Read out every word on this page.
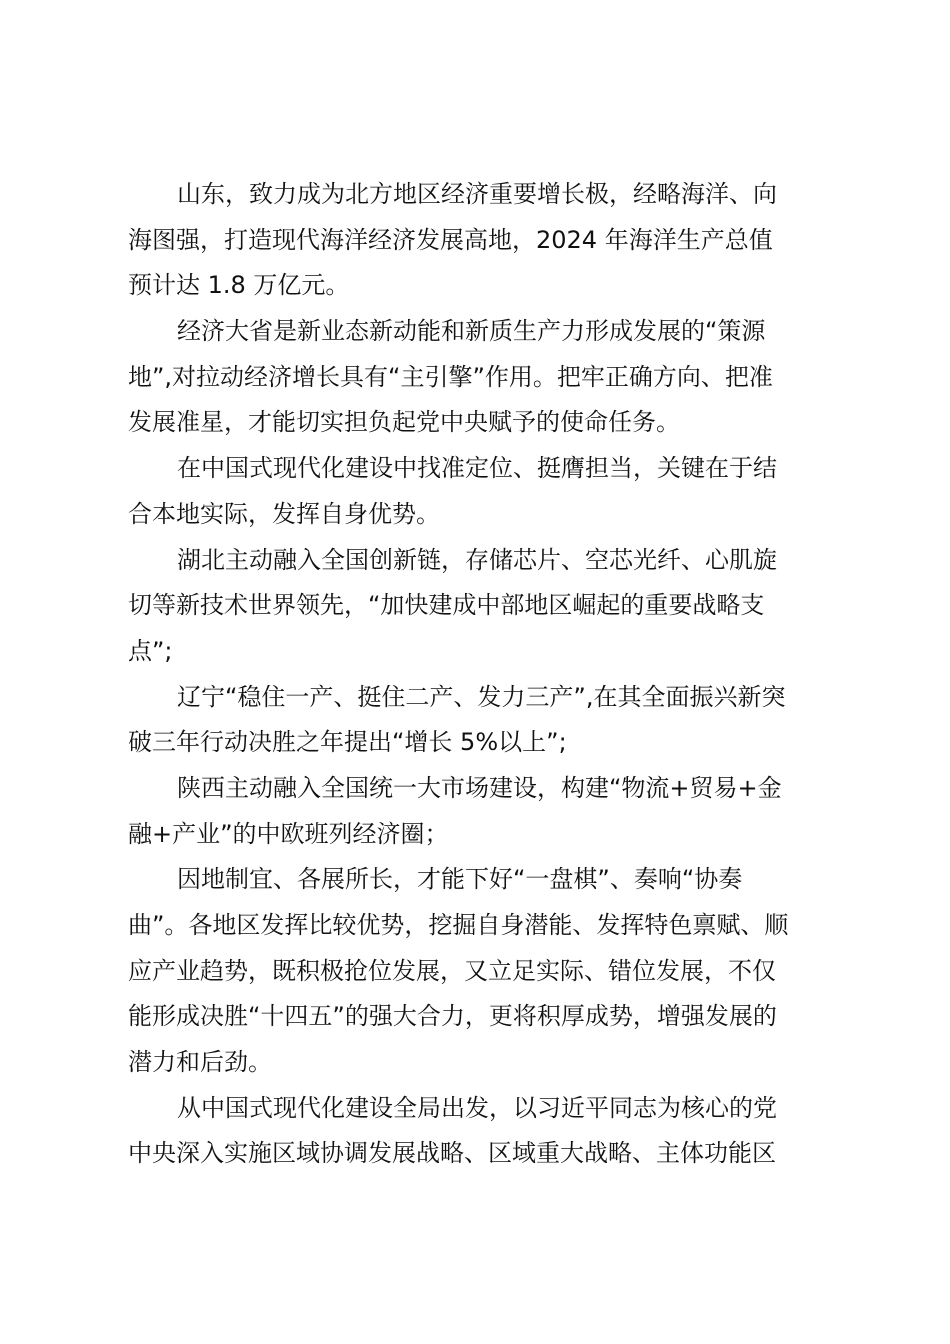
山东，致力成为北方地区经济重要增长极，经略海洋、向
海图强，打造现代海洋经济发展高地，2024 年海洋生产总值
预计达 1.8 万亿元。
经济大省是新业态新动能和新质生产力形成发展的“策源
地”,对拉动经济增长具有“主引擎”作用。把牢正确方向、把准
发展准星，才能切实担负起党中央赋予的使命任务。
在中国式现代化建设中找准定位、挺膺担当，关键在于结
合本地实际，发挥自身优势。
湖北主动融入全国创新链，存储芯片、空芯光纤、心肌旋
切等新技术世界领先，“加快建成中部地区崛起的重要战略支
点”;
辽宁“稳住一产、挺住二产、发力三产”,在其全面振兴新突
破三年行动决胜之年提出“增长 5%以上”;
陕西主动融入全国统一大市场建设，构建“物流+贸易+金
融+产业”的中欧班列经济圈；
因地制宜、各展所长，才能下好“一盘棋”、奏响“协奏
曲”。各地区发挥比较优势，挖掘自身潜能、发挥特色禀赋、顺
应产业趋势，既积极抢位发展，又立足实际、错位发展，不仅
能形成决胜“十四五”的强大合力，更将积厚成势，增强发展的
潜力和后劲。
从中国式现代化建设全局出发，以习近平同志为核心的党
中央深入实施区域协调发展战略、区域重大战略、主体功能区
